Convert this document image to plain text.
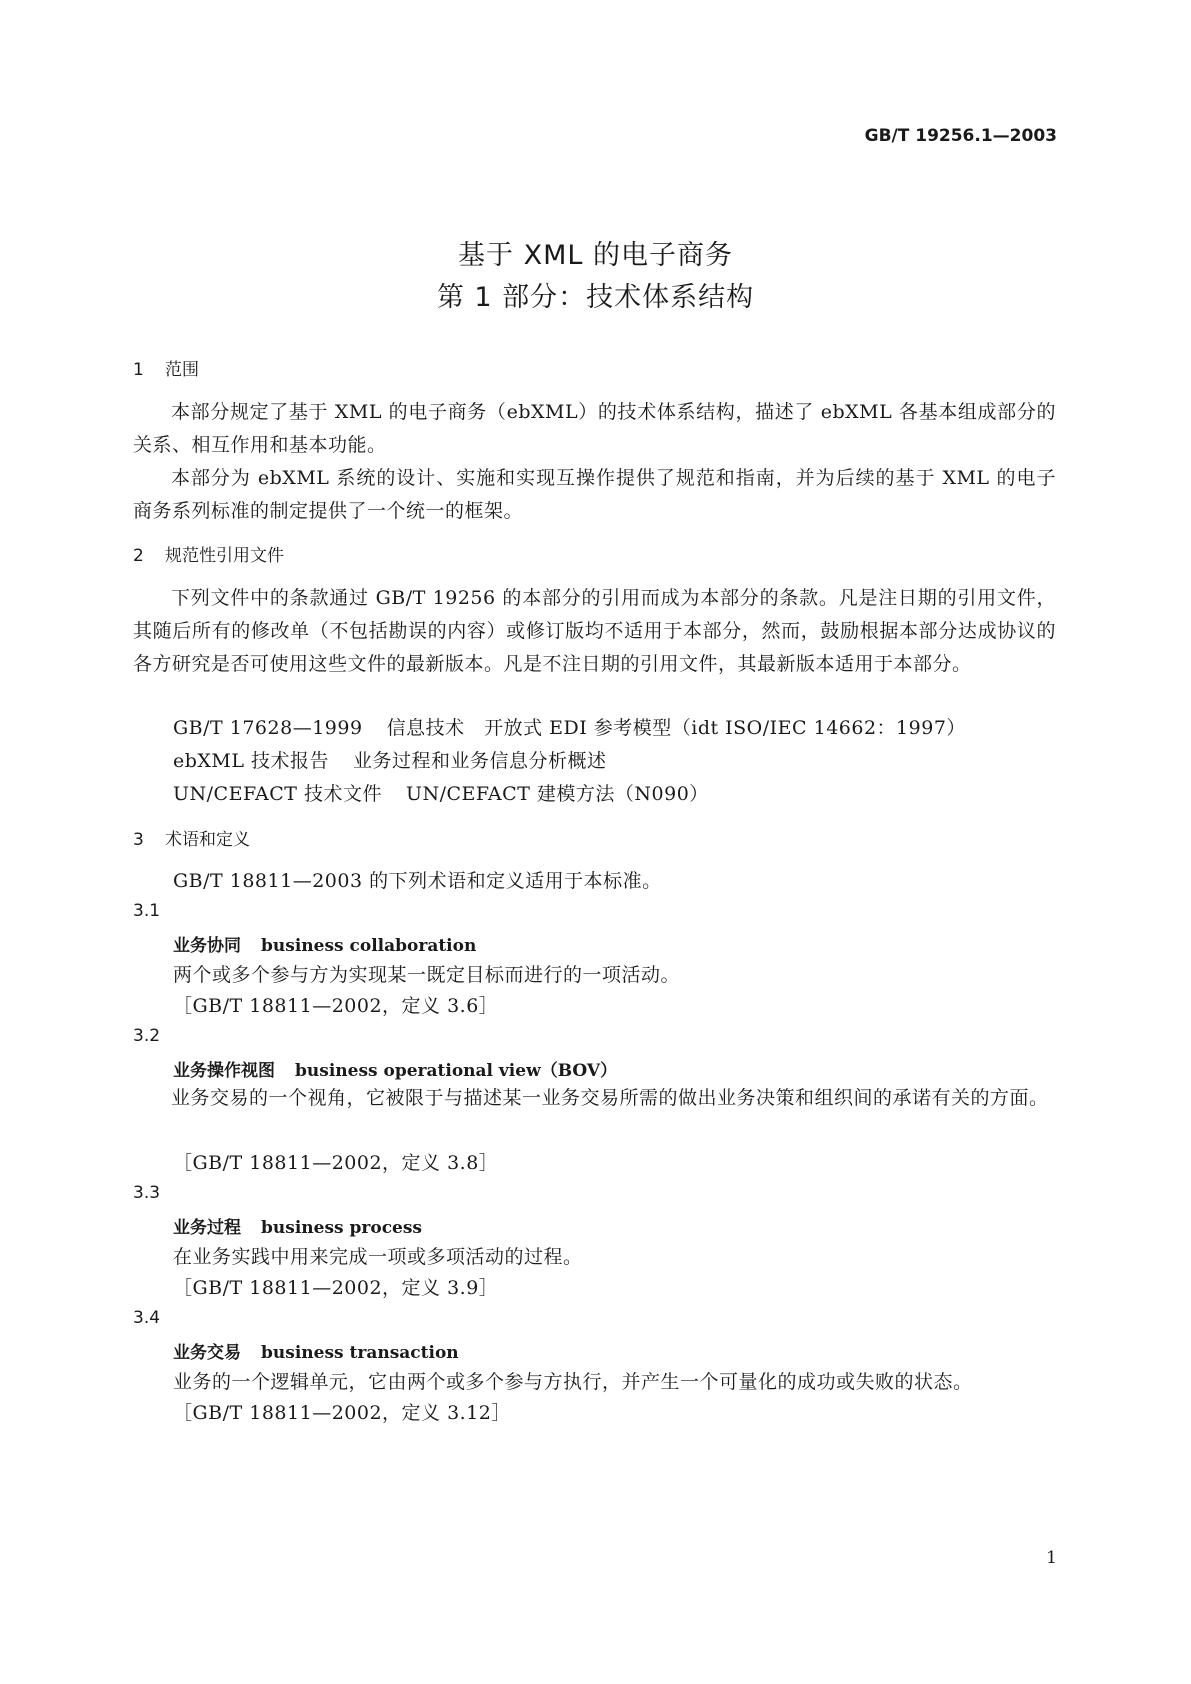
GB/T 19256.1—2003
基于 XML 的电子商务
第 1 部分：技术体系结构
1 范围
本部分规定了基于 XML 的电子商务（ebXML）的技术体系结构，描述了 ebXML 各基本组成部分的关系、相互作用和基本功能。
本部分为 ebXML 系统的设计、实施和实现互操作提供了规范和指南，并为后续的基于 XML 的电子商务系列标准的制定提供了一个统一的框架。
2 规范性引用文件
下列文件中的条款通过 GB/T 19256 的本部分的引用而成为本部分的条款。凡是注日期的引用文件，其随后所有的修改单（不包括勘误的内容）或修订版均不适用于本部分，然而，鼓励根据本部分达成协议的各方研究是否可使用这些文件的最新版本。凡是不注日期的引用文件，其最新版本适用于本部分。
GB/T 17628—1999 信息技术　开放式 EDI 参考模型（idt ISO/IEC 14662：1997）
ebXML 技术报告 业务过程和业务信息分析概述
UN/CEFACT 技术文件 UN/CEFACT 建模方法（N090）
3 术语和定义
GB/T 18811—2003 的下列术语和定义适用于本标准。
3.1
业务协同 business collaboration
两个或多个参与方为实现某一既定目标而进行的一项活动。
［GB/T 18811—2002，定义 3.6］
3.2
业务操作视图 business operational view（BOV）
业务交易的一个视角，它被限于与描述某一业务交易所需的做出业务决策和组织间的承诺有关的方面。
［GB/T 18811—2002，定义 3.8］
3.3
业务过程 business process
在业务实践中用来完成一项或多项活动的过程。
［GB/T 18811—2002，定义 3.9］
3.4
业务交易 business transaction
业务的一个逻辑单元，它由两个或多个参与方执行，并产生一个可量化的成功或失败的状态。
［GB/T 18811—2002，定义 3.12］
1
